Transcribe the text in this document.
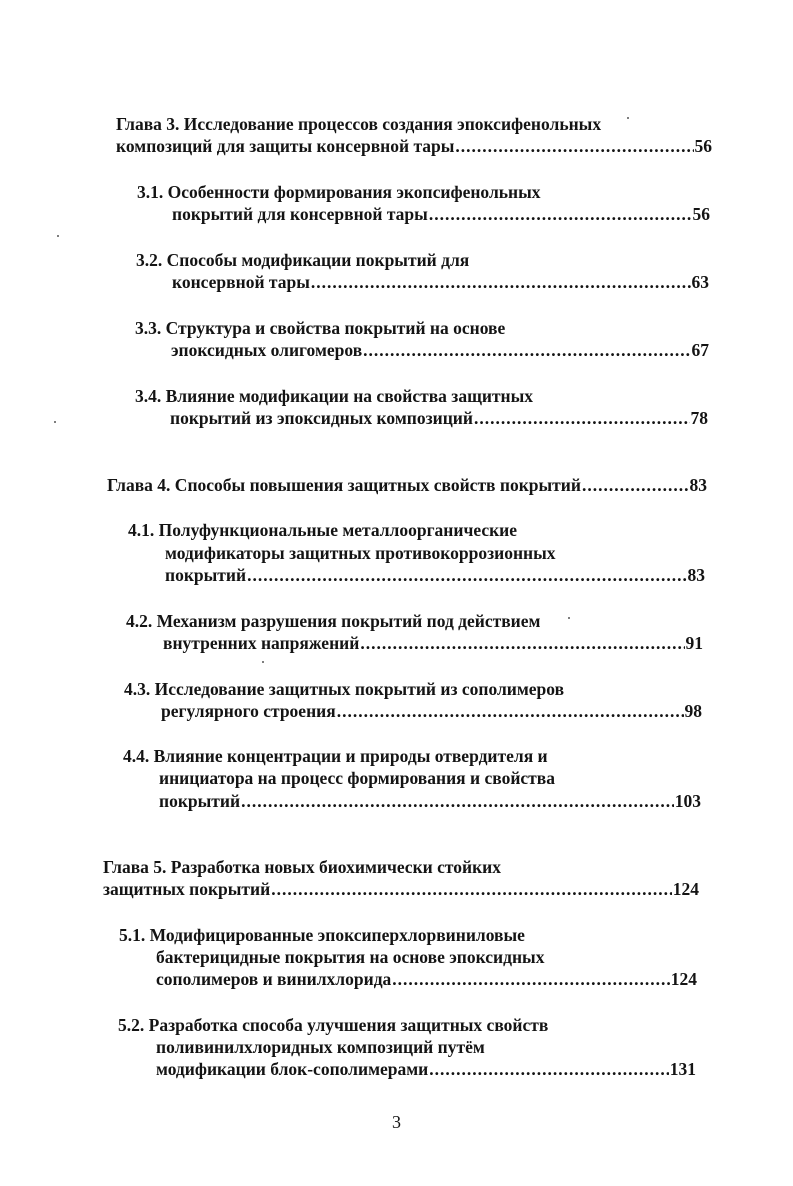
Глава 3. Исследование процессов создания эпоксифенольных
композиций для защиты консервной тары .....	56
3.1. Особенности формирования экопсифенольных
покрытий для консервной тары .....	56
3.2. Способы модификации покрытий для
консервной тары .....	63
3.3. Структура и свойства покрытий на основе
эпоксидных олигомеров .....	67
3.4. Влияние модификации на свойства защитных
покрытий из эпоксидных композиций .....	78
Глава 4. Способы повышения защитных свойств покрытий .....	83
4.1. Полуфункциональные металлоорганические
модификаторы защитных противокоррозионных
покрытий .....	83
4.2. Механизм разрушения покрытий под действием
внутренних напряжений .....	91
4.3. Исследование защитных покрытий из сополимеров
регулярного строения .....	98
4.4. Влияние концентрации и природы отвердителя и
инициатора на процесс формирования и свойства
покрытий .....	103
Глава 5. Разработка новых биохимически стойких
защитных покрытий .....	124
5.1. Модифицированные эпоксиперхлорвиниловые
бактерицидные покрытия на основе эпоксидных
сополимеров и винилхлорида .....	124
5.2. Разработка способа улучшения защитных свойств
поливинилхлоридных композиций путём
модификации блок-сополимерами .....	131
3
